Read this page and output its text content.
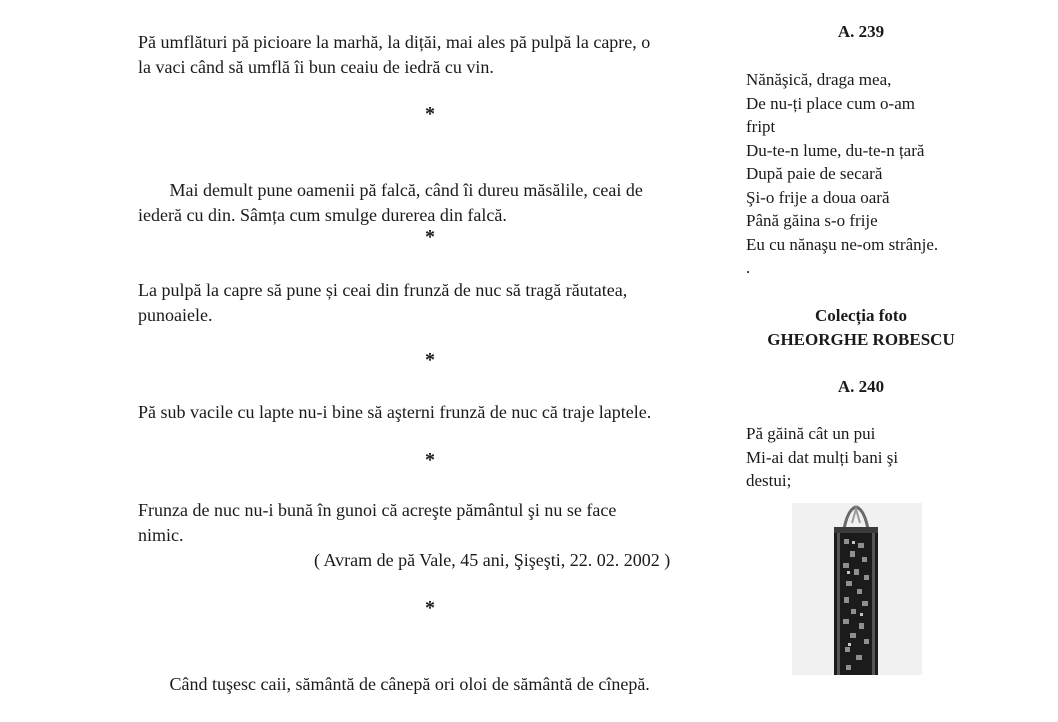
Pă umflături pă picioare la marhă, la dițăi, mai ales pă pulpă la capre, o
la vaci când să umflă îi bun ceaiu de iedră cu vin.

*

Mai demult pune oamenii pă falcă, când îi dureu măsălile, ceai de
iederă cu din. Sâmța cum smulge durerea din falcă.

*

La pulpă la capre să pune și ceai din frunză de nuc să tragă răutatea,
punoaiele.

*

Pă sub vacile cu lapte nu-i bine să aşterni frunză de nuc că traje laptele.

*

Frunza de nuc nu-i bună în gunoi că acreşte pământul şi nu se face
nimic.

( Avram de pă Vale, 45 ani, Şişeşti, 22. 02. 2002 )
*

Când tuşesc caii, sământă de cânepă ori oloi de sământă de cînepă.

A. 239

Nănăşică, draga mea,
De nu-ți place cum o-am
fript
Du-te-n lume, du-te-n țară
După paie de secară
Şi-o frije a doua oară
Până găina s-o frije
Eu cu nănaşu ne-om strânje.
.

Colecția foto

GHEORGHE ROBESCU

A. 240

Pă găină cât un pui
Mi-ai dat mulți bani şi
destui;
